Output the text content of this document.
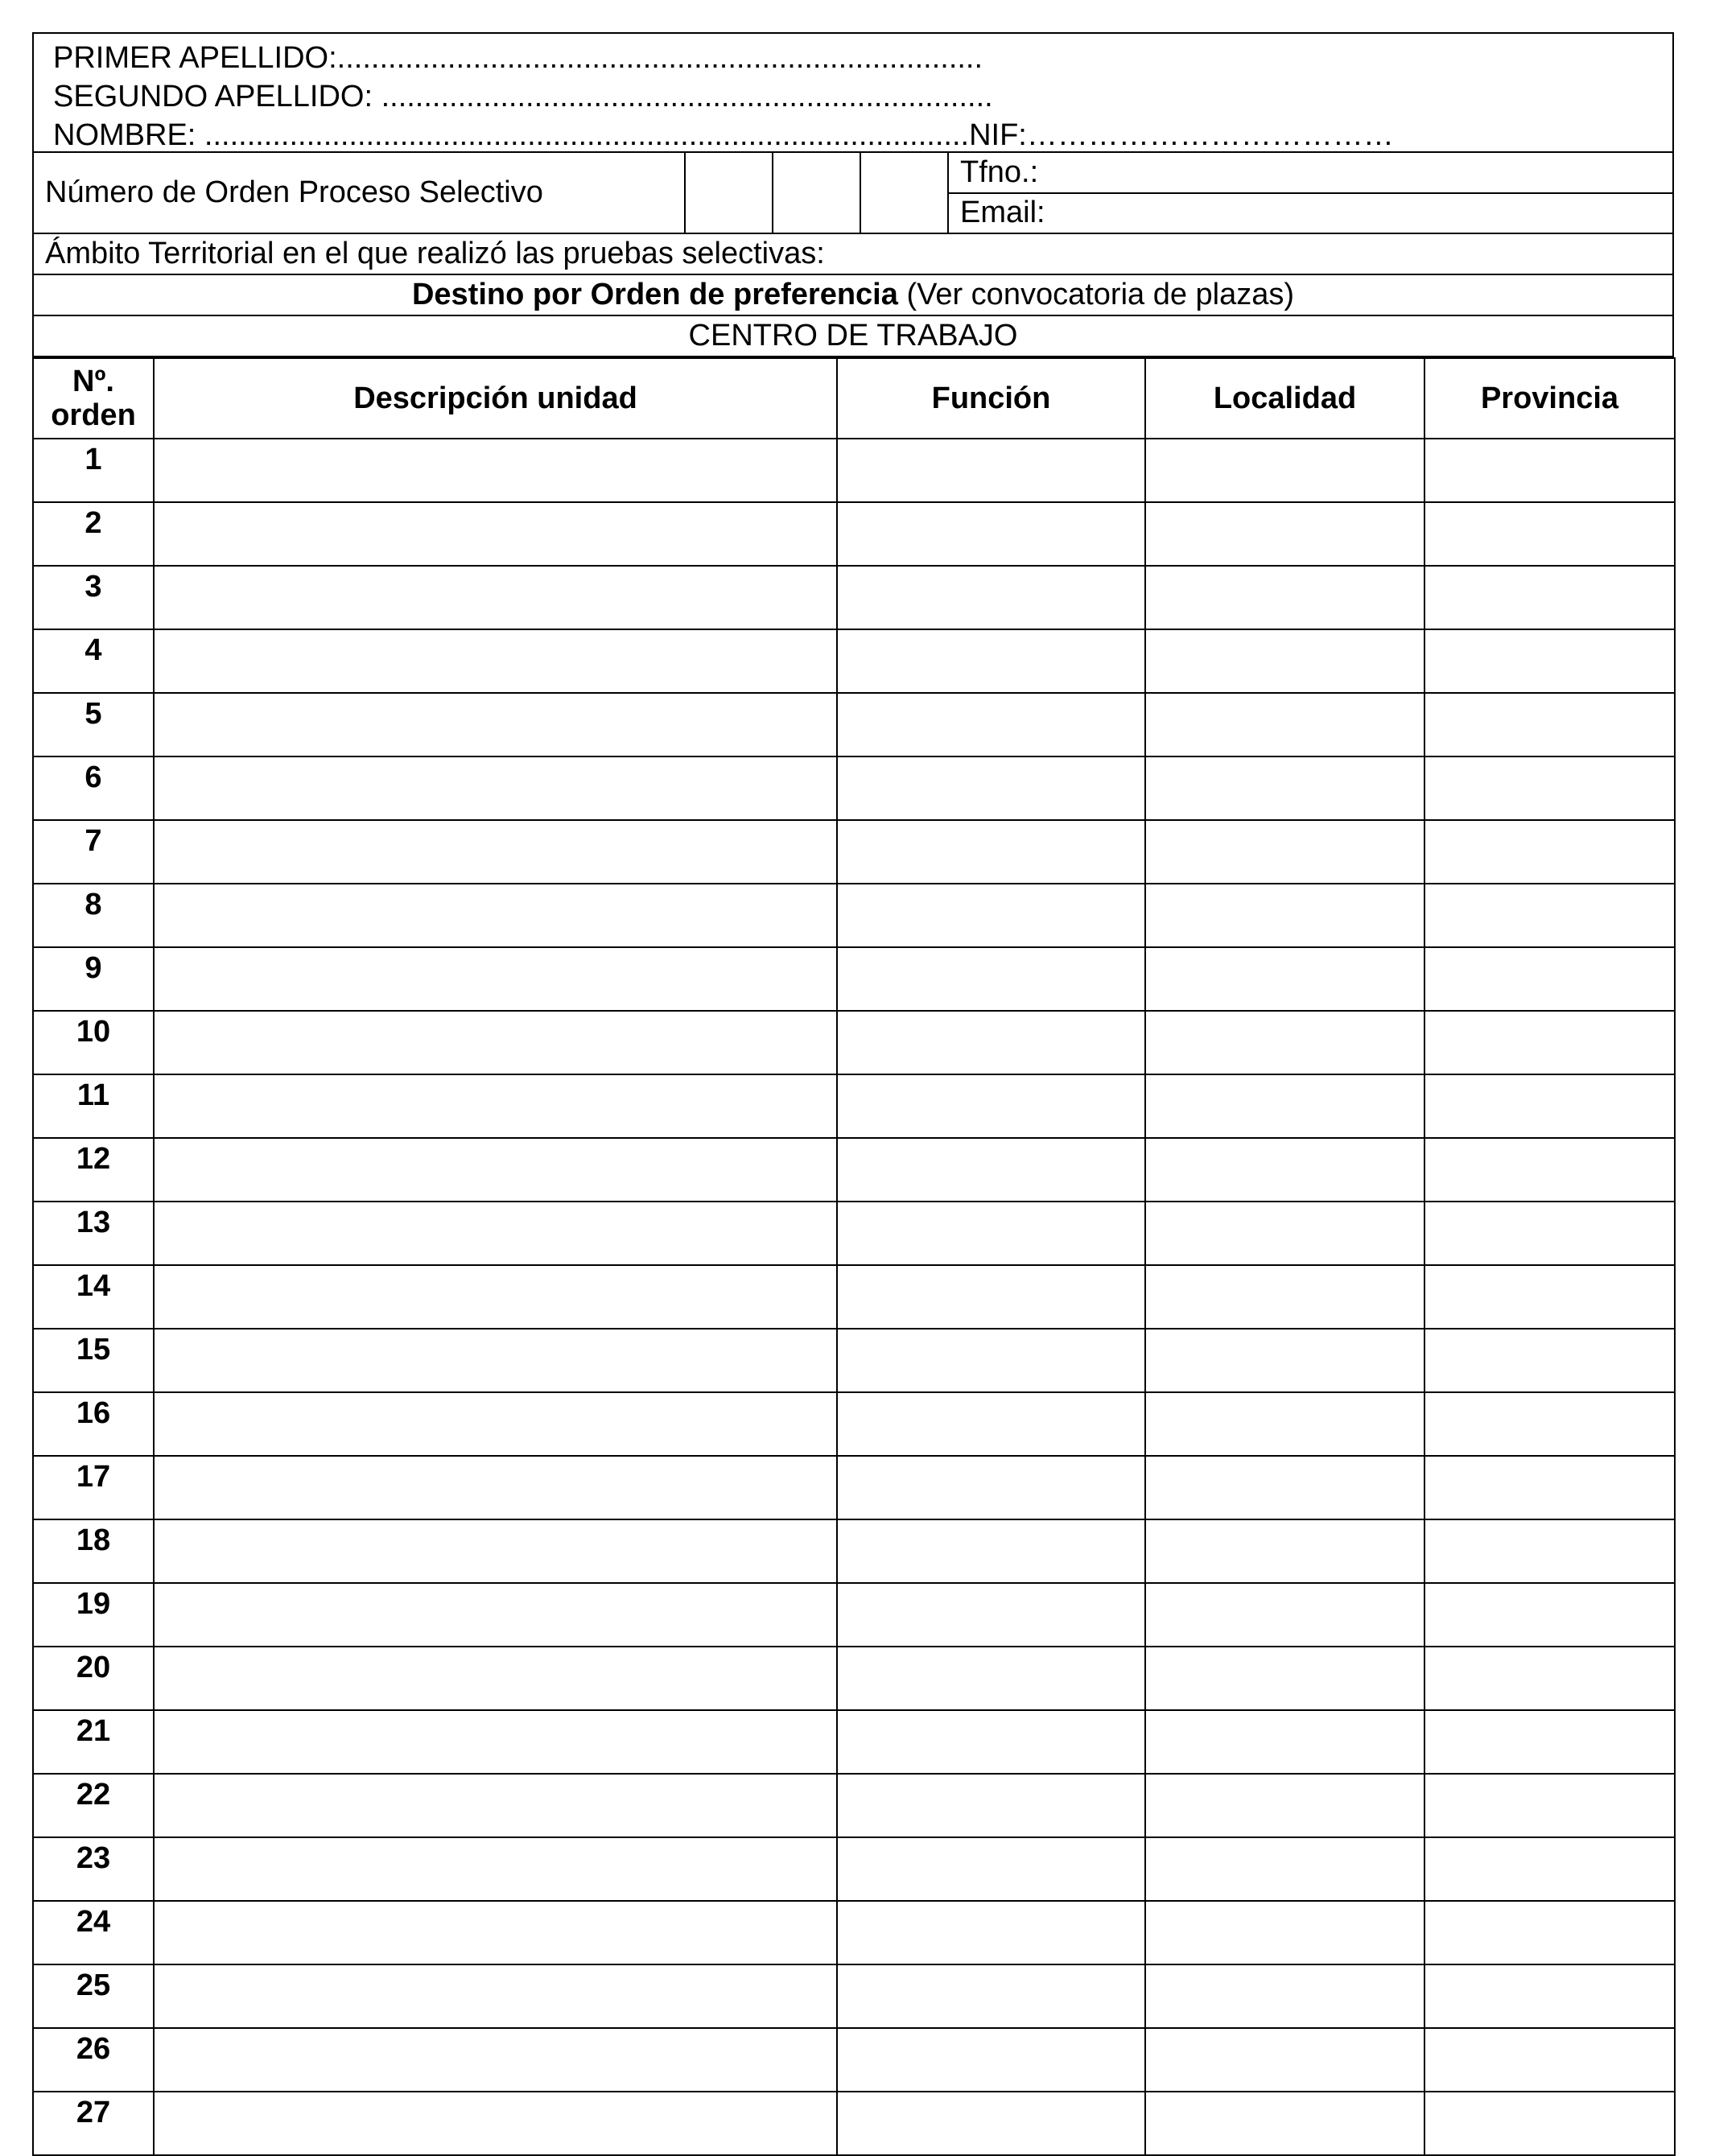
PRIMER APELLIDO:............................................................................
SEGUNDO APELLIDO: ........................................................................
NOMBRE: ..........................................................................................NIF:………………………………
Número de Orden Proceso Selectivo
Tfno.:
Email:
Ámbito Territorial en el que realizó las pruebas selectivas:
Destino por Orden de preferencia
(Ver convocatoria de plazas)
CENTRO DE TRABAJO
Nº.
orden	Descripción unidad	Función	Localidad	Provincia
1				
2				
3				
4				
5				
6				
7				
8				
9				
10				
11				
12				
13				
14				
15				
16				
17				
18				
19				
20				
21				
22				
23				
24				
25				
26				
27				
